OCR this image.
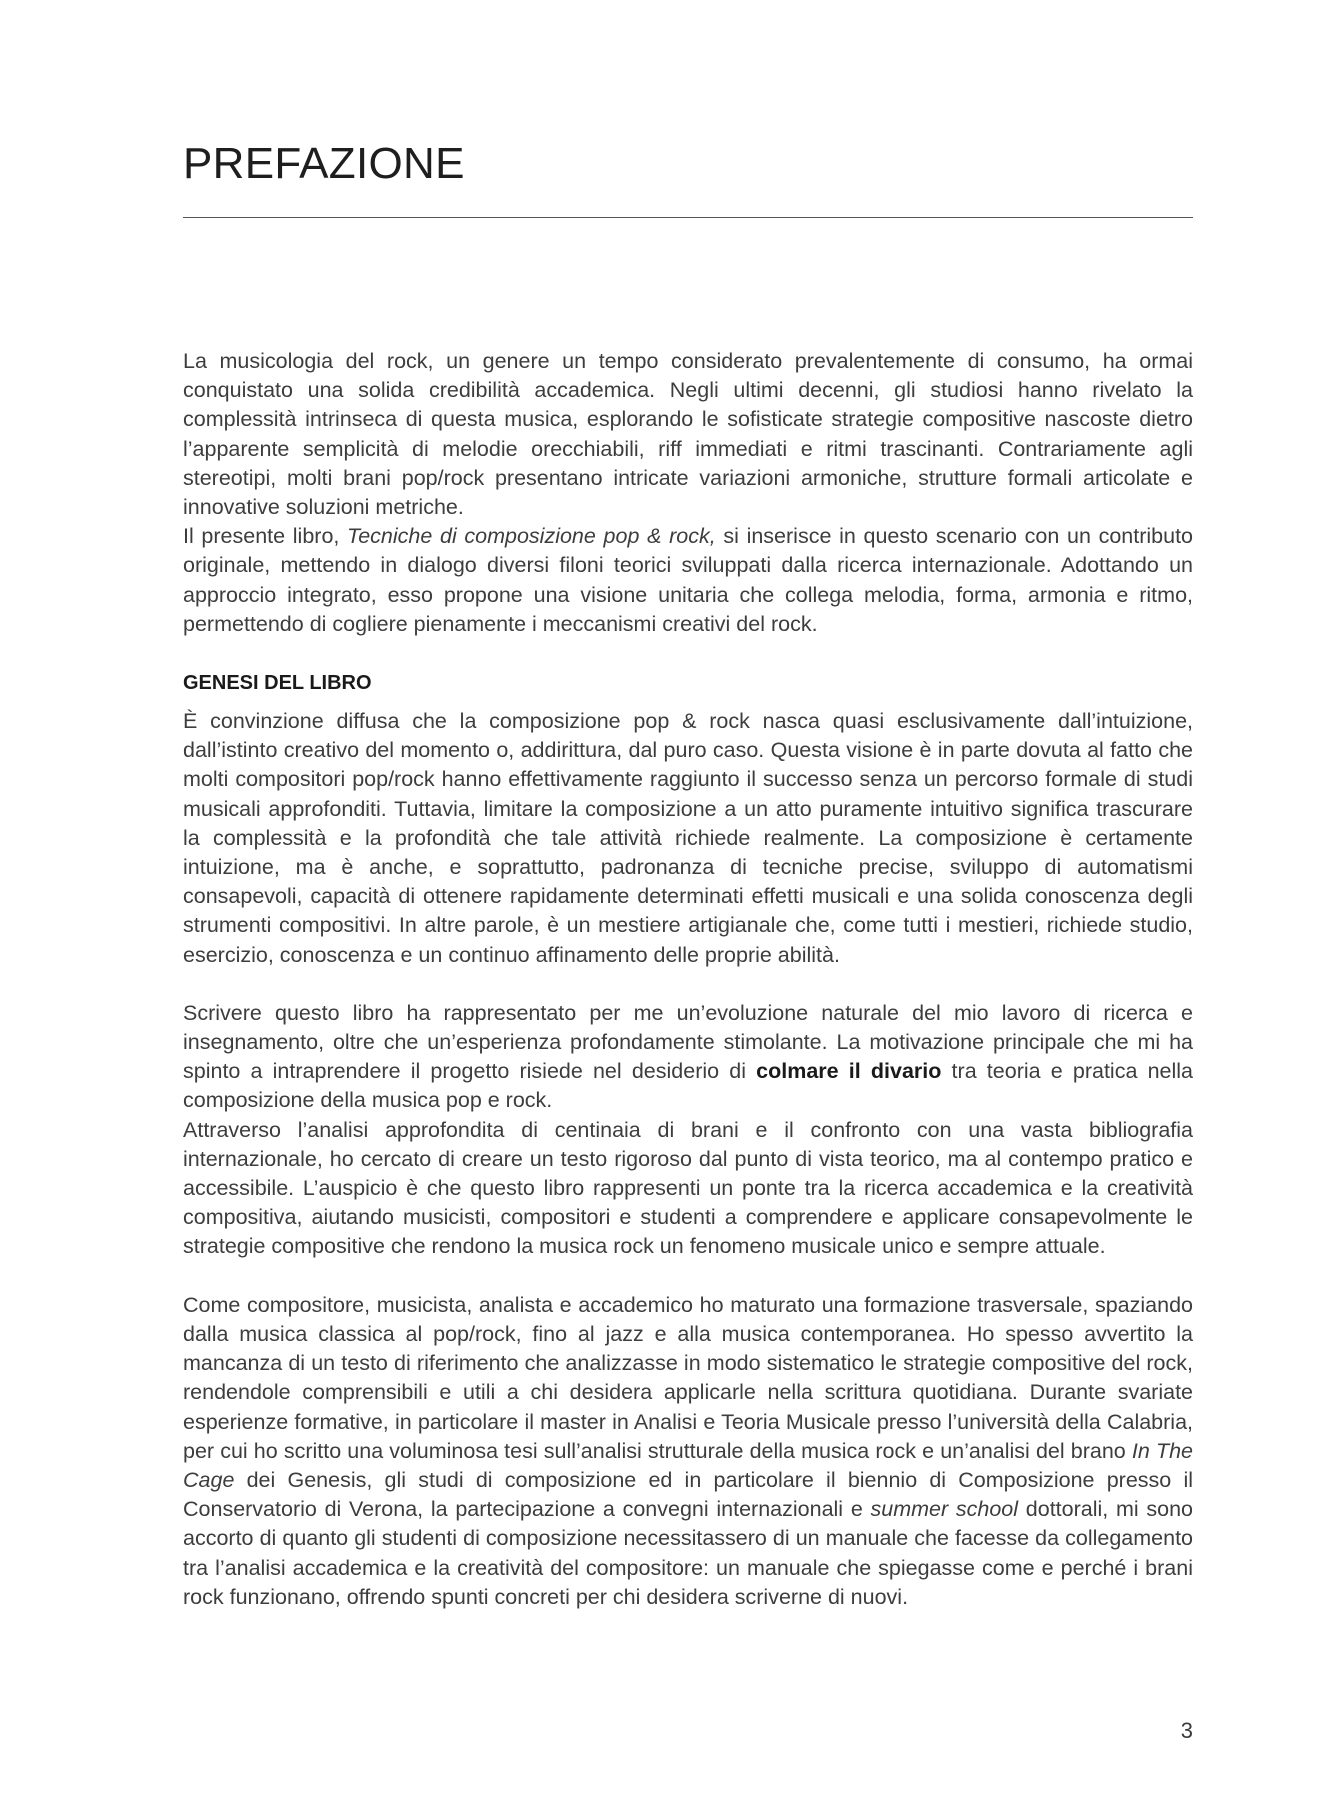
PREFAZIONE

La musicologia del rock, un genere un tempo considerato prevalentemente di consumo, ha ormai conquistato una solida credibilità accademica. Negli ultimi decenni, gli studiosi hanno rivelato la complessità intrinseca di questa musica, esplorando le sofisticate strategie compositive nascoste dietro l’apparente semplicità di melodie orecchiabili, riff immediati e ritmi trascinanti. Contrariamente agli stereotipi, molti brani pop/rock presentano intricate variazioni armoniche, strutture formali articolate e innovative soluzioni metriche.

Il presente libro, Tecniche di composizione pop & rock, si inserisce in questo scenario con un contributo originale, mettendo in dialogo diversi filoni teorici sviluppati dalla ricerca internazionale. Adottando un approccio integrato, esso propone una visione unitaria che collega melodia, forma, armonia e ritmo, permettendo di cogliere pienamente i meccanismi creativi del rock.

GENESI DEL LIBRO

È convinzione diffusa che la composizione pop & rock nasca quasi esclusivamente dall’intuizione, dall’istinto creativo del momento o, addirittura, dal puro caso. Questa visione è in parte dovuta al fatto che molti compositori pop/rock hanno effettivamente raggiunto il successo senza un percorso formale di studi musicali approfonditi. Tuttavia, limitare la composizione a un atto puramente intuitivo significa trascurare la complessità e la profondità che tale attività richiede realmente. La composizione è certamente intuizione, ma è anche, e soprattutto, padronanza di tecniche precise, sviluppo di automatismi consapevoli, capacità di ottenere rapidamente determinati effetti musicali e una solida conoscenza degli strumenti compositivi. In altre parole, è un mestiere artigianale che, come tutti i mestieri, richiede studio, esercizio, conoscenza e un continuo affinamento delle proprie abilità.

Scrivere questo libro ha rappresentato per me un’evoluzione naturale del mio lavoro di ricerca e insegnamento, oltre che un’esperienza profondamente stimolante. La motivazione principale che mi ha spinto a intraprendere il progetto risiede nel desiderio di colmare il divario tra teoria e pratica nella composizione della musica pop e rock.

Attraverso l’analisi approfondita di centinaia di brani e il confronto con una vasta bibliografia internazionale, ho cercato di creare un testo rigoroso dal punto di vista teorico, ma al contempo pratico e accessibile. L’auspicio è che questo libro rappresenti un ponte tra la ricerca accademica e la creatività compositiva, aiutando musicisti, compositori e studenti a comprendere e applicare consapevolmente le strategie compositive che rendono la musica rock un fenomeno musicale unico e sempre attuale.

Come compositore, musicista, analista e accademico ho maturato una formazione trasversale, spaziando dalla musica classica al pop/rock, fino al jazz e alla musica contemporanea. Ho spesso avvertito la mancanza di un testo di riferimento che analizzasse in modo sistematico le strategie compositive del rock, rendendole comprensibili e utili a chi desidera applicarle nella scrittura quotidiana. Durante svariate esperienze formative, in particolare il master in Analisi e Teoria Musicale presso l’università della Calabria, per cui ho scritto una voluminosa tesi sull’analisi strutturale della musica rock e un’analisi del brano In The Cage dei Genesis, gli studi di composizione ed in particolare il biennio di Composizione presso il Conservatorio di Verona, la partecipazione a convegni internazionali e summer school dottorali, mi sono accorto di quanto gli studenti di composizione necessitassero di un manuale che facesse da collegamento tra l’analisi accademica e la creatività del compositore: un manuale che spiegasse come e perché i brani rock funzionano, offrendo spunti concreti per chi desidera scriverne di nuovi.

3
